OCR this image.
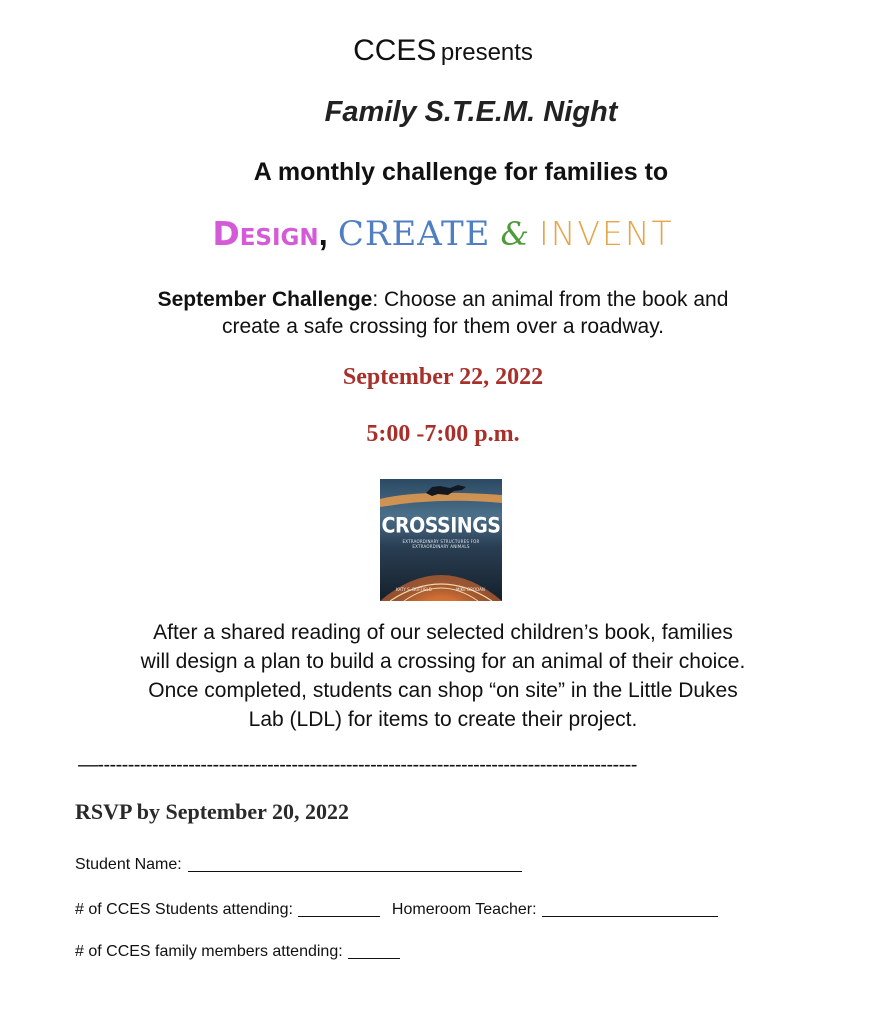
CCES presents
Family S.T.E.M. Night
A monthly challenge for families to
Design, CREATE & INVENT
September Challenge: Choose an animal from the book and
create a safe crossing for them over a roadway.
September 22, 2022
5:00 -7:00 p.m.
CROSSINGS
EXTRAORDINARY STRUCTURES FOR EXTRAORDINARY ANIMALS
KATY S. DUFFIELD	MIKE ORODAN
After a shared reading of our selected children’s book, families
will design a plan to build a crossing for an animal of their choice.
Once completed, students can shop “on site” in the Little Dukes
Lab (LDL) for items to create their project.
—-----------------------------------------------------------------------------------------
RSVP by September 20, 2022
Student Name:
# of CCES Students attending:	Homeroom Teacher:
# of CCES family members attending:
